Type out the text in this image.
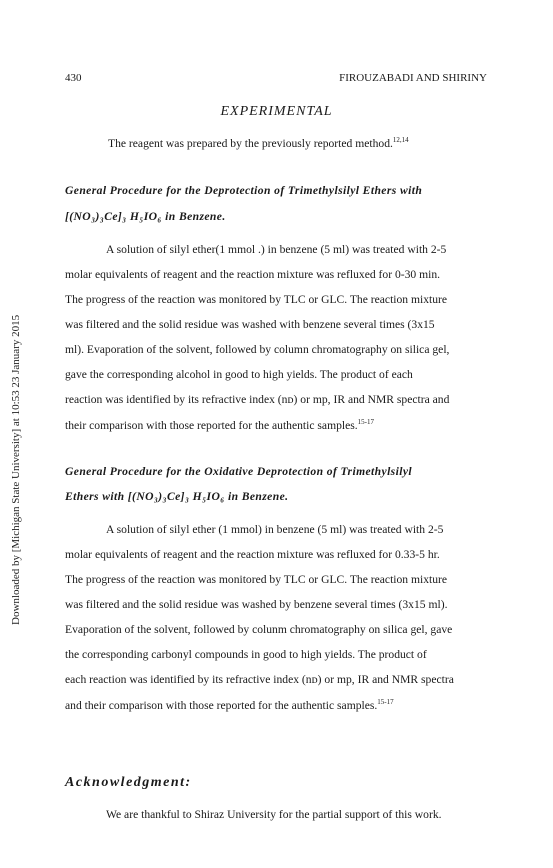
430	FIROUZABADI AND SHIRINY
Downloaded by [Michigan State University] at 10:53 23 January 2015
EXPERIMENTAL
The reagent was prepared by the previously reported method.$^{12,14}$
General Procedure for the Deprotection of Trimethylsilyl Ethers with
[(NO₃)₃Ce]₃ H₅IO₆ in Benzene.
A solution of silyl ether(1 mmol .) in benzene (5 ml) was treated with 2-5
molar equivalents of reagent and the reaction mixture was refluxed for 0-30 min.
The progress of the reaction was monitored by TLC or GLC. The reaction mixture
was filtered and the solid residue was washed with benzene several times (3x15
ml). Evaporation of the solvent, followed by column chromatography on silica gel,
gave the corresponding alcohol in good to high yields. The product of each
reaction was identified by its refractive index (nᴅ) or mp, IR and NMR spectra and
their comparison with those reported for the authentic samples.$^{15-17}$
General Procedure for the Oxidative Deprotection of Trimethylsilyl
Ethers with [(NO₃)₃Ce]₃ H₅IO₆ in Benzene.
A solution of silyl ether (1 mmol) in benzene (5 ml) was treated with 2-5
molar equivalents of reagent and the reaction mixture was refluxed for 0.33-5 hr.
The progress of the reaction was monitored by TLC or GLC. The reaction mixture
was filtered and the solid residue was washed by benzene several times (3x15 ml).
Evaporation of the solvent, followed by colunm chromatography on silica gel, gave
the corresponding carbonyl compounds in good to high yields. The product of
each reaction was identified by its refractive index (nᴅ) or mp, IR and NMR spectra
and their comparison with those reported for the authentic samples.$^{15-17}$
Acknowledgment:
We are thankful to Shiraz University for the partial support of this work.
